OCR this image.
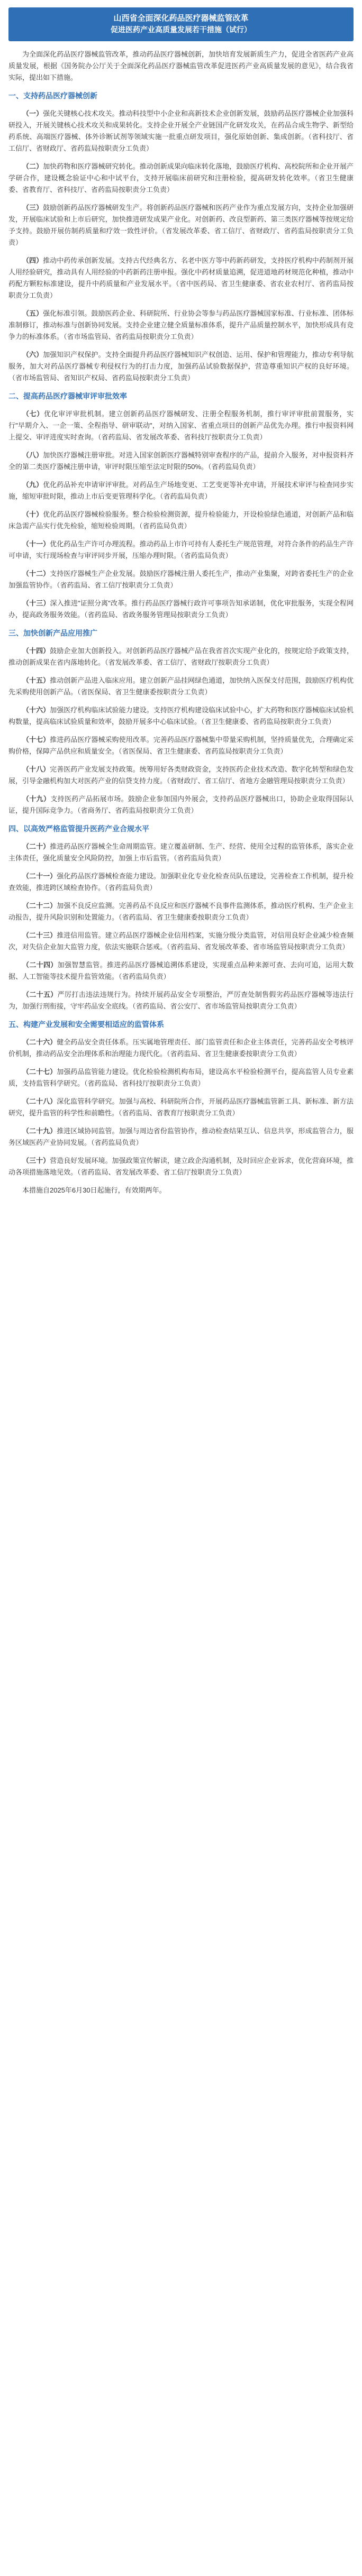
山西省全面深化药品医疗器械监管改革
促进医药产业高质量发展若干措施（试行）

为全面深化药品医疗器械监管改革，推动药品医疗器械创新，加快培育发展新质生产力，促进全省医药产业高质量发展，根据《国务院办公厅关于全面深化药品医疗器械监管改革促进医药产业高质量发展的意见》，结合我省实际，提出如下措施。

一、支持药品医疗器械创新

（一）强化关键核心技术攻关。推动科技型中小企业和高新技术企业创新发展，鼓励药品医疗器械企业加强科研投入，开展关键核心技术攻关和成果转化。支持企业开展全产业链国产化研发攻关，在药品合成生物学、新型给药系统、高端医疗器械、体外诊断试剂等领域实施一批重点研发项目，强化原始创新、集成创新。（省科技厅、省工信厅、省财政厅、省药监局按职责分工负责）

（二）加快药物和医疗器械研究转化。推动创新成果向临床转化落地，鼓励医疗机构、高校院所和企业开展产学研合作，建设概念验证中心和中试平台，支持开展临床前研究和注册检验，提高研发转化效率。（省卫生健康委、省教育厅、省科技厅、省药监局按职责分工负责）

（三）鼓励创新药品医疗器械研发生产。将创新药品医疗器械和医药产业作为重点发展方向，支持企业加强研发，开展临床试验和上市后研究，加快推进研发成果产业化。对创新药、改良型新药、第三类医疗器械等按规定给予支持。鼓励开展仿制药质量和疗效一致性评价。（省发展改革委、省工信厅、省财政厅、省药监局按职责分工负责）

（四）推动中药传承创新发展。支持古代经典名方、名老中医方等中药新药研发，支持医疗机构中药制剂开展人用经验研究，推动具有人用经验的中药新药注册申报。强化中药材质量追溯，促进道地药材规范化种植，推动中药配方颗粒标准建设，提升中药质量和产业发展水平。（省中医药局、省卫生健康委、省农业农村厅、省药监局按职责分工负责）

（五）强化标准引领。鼓励医药企业、科研院所、行业协会等参与药品医疗器械国家标准、行业标准、团体标准制修订，推动标准与创新协同发展。支持企业建立健全质量标准体系，提升产品质量控制水平，加快形成具有竞争力的标准体系。（省市场监管局、省药监局按职责分工负责）

（六）加强知识产权保护。支持全面提升药品医疗器械知识产权创造、运用、保护和管理能力，推动专利导航服务，加大对药品医疗器械专利侵权行为的打击力度，加强药品试验数据保护，营造尊重知识产权的良好环境。（省市场监管局、省知识产权局、省药监局按职责分工负责）

二、提高药品医疗器械审评审批效率

（七）优化审评审批机制。建立创新药品医疗器械研发、注册全程服务机制，推行审评审批前置服务，实行"早期介入、一企一策、全程指导、研审联动"，对纳入国家、省重点项目的创新产品优先办理。推行申报资料网上提交、审评进度实时查询。（省药监局、省发展改革委、省科技厅按职责分工负责）

（八）加快医疗器械注册审批。对进入国家创新医疗器械特别审查程序的产品，提前介入服务，对申报资料齐全的第二类医疗器械注册申请，审评时限压缩至法定时限的50%。（省药监局负责）

（九）优化药品补充申请审评审批。对药品生产场地变更、工艺变更等补充申请，开展技术审评与检查同步实施，缩短审批时限，推动上市后变更管理科学化。（省药监局负责）

（十）优化药品医疗器械检验服务。整合检验检测资源，提升检验能力，开设检验绿色通道，对创新产品和临床急需产品实行优先检验，缩短检验周期。（省药监局负责）

（十一）优化药品生产许可办理流程。推动药品上市许可持有人委托生产规范管理，对符合条件的药品生产许可申请，实行现场检查与审评同步开展，压缩办理时限。（省药监局负责）

（十二）支持医疗器械生产企业发展。鼓励医疗器械注册人委托生产，推动产业集聚，对跨省委托生产的企业加强监管协作。（省药监局、省工信厅按职责分工负责）

（十三）深入推进"证照分离"改革。推行药品医疗器械行政许可事项告知承诺制，优化审批服务，实现全程网办，提高政务服务效能。（省药监局、省政务服务管理局按职责分工负责）

三、加快创新产品应用推广

（十四）鼓励企业加大创新投入。对创新药品医疗器械产品在我省首次实现产业化的，按规定给予政策支持，推动创新成果在省内落地转化。（省发展改革委、省工信厅、省财政厅按职责分工负责）

（十五）推动创新产品进入临床应用。建立创新产品挂网绿色通道，加快纳入医保支付范围，鼓励医疗机构优先采购使用创新产品。（省医保局、省卫生健康委按职责分工负责）

（十六）加强医疗机构临床试验能力建设。支持医疗机构建设临床试验中心，扩大药物和医疗器械临床试验机构数量，提高临床试验质量和效率，鼓励开展多中心临床试验。（省卫生健康委、省药监局按职责分工负责）

（十七）推进药品医疗器械采购使用改革。完善药品医疗器械集中带量采购机制，坚持质量优先，合理确定采购价格，保障产品供应和质量安全。（省医保局、省卫生健康委、省药监局按职责分工负责）

（十八）完善医药产业发展支持政策。统筹用好各类财政资金，支持医药企业技术改造、数字化转型和绿色发展，引导金融机构加大对医药产业的信贷支持力度。（省财政厅、省工信厅、省地方金融管理局按职责分工负责）

（十九）支持医药产品拓展市场。鼓励企业参加国内外展会，支持药品医疗器械出口，协助企业取得国际认证，提升国际竞争力。（省商务厅、省药监局按职责分工负责）

四、以高效严格监管提升医药产业合规水平

（二十）推进药品医疗器械全生命周期监管。建立覆盖研制、生产、经营、使用全过程的监管体系，落实企业主体责任，强化质量安全风险防控，加强上市后监管。（省药监局负责）

（二十一）强化药品医疗器械检查能力建设。加强职业化专业化检查员队伍建设，完善检查工作机制，提升检查效能，推进跨区域检查协作。（省药监局负责）

（二十二）加强不良反应监测。完善药品不良反应和医疗器械不良事件监测体系，推动医疗机构、生产企业主动报告，提升风险识别和处置能力。（省药监局、省卫生健康委按职责分工负责）

（二十三）推进信用监管。建立药品医疗器械企业信用档案，实施分级分类监管，对信用良好企业减少检查频次，对失信企业加大监管力度，依法实施联合惩戒。（省药监局、省发展改革委、省市场监管局按职责分工负责）

（二十四）加强智慧监管。推进药品医疗器械追溯体系建设，实现重点品种来源可查、去向可追，运用大数据、人工智能等技术提升监管效能。（省药监局负责）

（二十五）严厉打击违法违规行为。持续开展药品安全专项整治，严厉查处制售假劣药品医疗器械等违法行为，加强行刑衔接，守牢药品安全底线。（省药监局、省公安厅、省市场监管局按职责分工负责）

五、构建产业发展和安全需要相适应的监管体系

（二十六）健全药品安全责任体系。压实属地管理责任、部门监管责任和企业主体责任，完善药品安全考核评价机制，推动药品安全治理体系和治理能力现代化。（省药监局、省卫生健康委按职责分工负责）

（二十七）加强药品监管能力建设。优化检验检测机构布局，建设高水平检验检测平台，提高监管人员专业素质，支持监管科学研究。（省药监局、省科技厅按职责分工负责）

（二十八）深化监管科学研究。加强与高校、科研院所合作，开展药品医疗器械监管新工具、新标准、新方法研究，提升监管的科学性和前瞻性。（省药监局、省教育厅按职责分工负责）

（二十九）推进区域协同监管。加强与周边省份监管协作，推动检查结果互认、信息共享，形成监管合力，服务区域医药产业协同发展。（省药监局负责）

（三十）营造良好发展环境。加强政策宣传解读，建立政企沟通机制，及时回应企业诉求，优化营商环境，推动各项措施落地见效。（省药监局、省发展改革委、省工信厅按职责分工负责）

本措施自2025年6月30日起施行，有效期两年。
